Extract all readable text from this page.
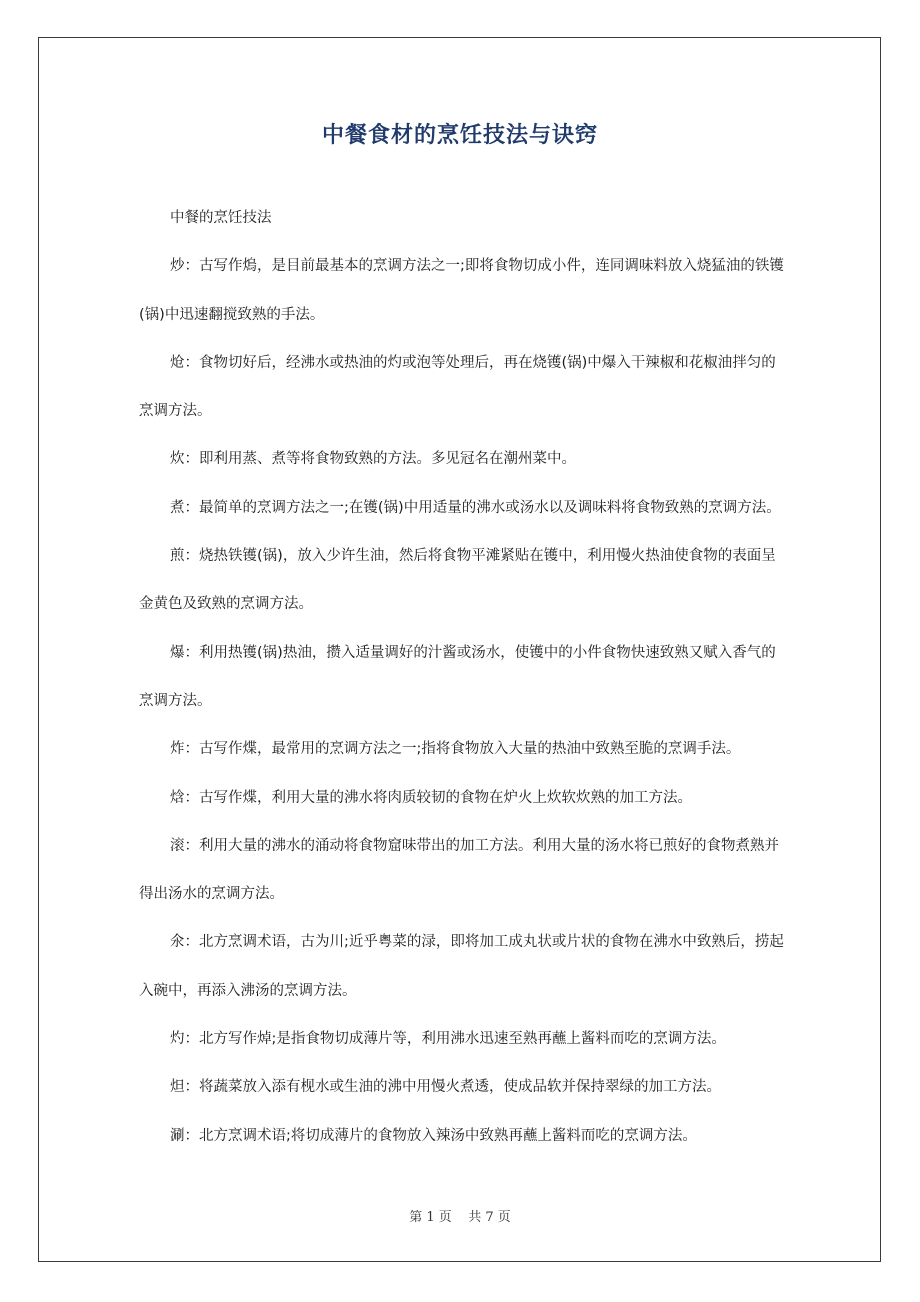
中餐食材的烹饪技法与诀窍

中餐的烹饪技法

炒：古写作熓，是目前最基本的烹调方法之一;即将食物切成小件，连同调味料放入烧猛油的铁镬(锅)中迅速翻搅致熟的手法。

炝：食物切好后，经沸水或热油的灼或泡等处理后，再在烧镬(锅)中爆入干辣椒和花椒油拌匀的烹调方法。

炊：即利用蒸、煮等将食物致熟的方法。多见冠名在潮州菜中。

煮：最简单的烹调方法之一;在镬(锅)中用适量的沸水或汤水以及调味料将食物致熟的烹调方法。

煎：烧热铁镬(锅)，放入少许生油，然后将食物平滩紧贴在镬中，利用慢火热油使食物的表面呈金黄色及致熟的烹调方法。

爆：利用热镬(锅)热油，攒入适量调好的汁酱或汤水，使镬中的小件食物快速致熟又赋入香气的烹调方法。

炸：古写作煠，最常用的烹调方法之一;指将食物放入大量的热油中致熟至脆的烹调手法。

焓：古写作煠，利用大量的沸水将肉质较韧的食物在炉火上炊软炊熟的加工方法。

滚：利用大量的沸水的涌动将食物窟味带出的加工方法。利用大量的汤水将已煎好的食物煮熟并得出汤水的烹调方法。

氽：北方烹调术语，古为川;近乎粤菜的渌，即将加工成丸状或片状的食物在沸水中致熟后，捞起入碗中，再添入沸汤的烹调方法。

灼：北方写作焯;是指食物切成薄片等，利用沸水迅速至熟再蘸上酱料而吃的烹调方法。

炟：将蔬菜放入添有枧水或生油的沸中用慢火煮透，使成品软并保持翠绿的加工方法。

涮：北方烹调术语;将切成薄片的食物放入辣汤中致熟再蘸上酱料而吃的烹调方法。

第 1 页    共 7 页
